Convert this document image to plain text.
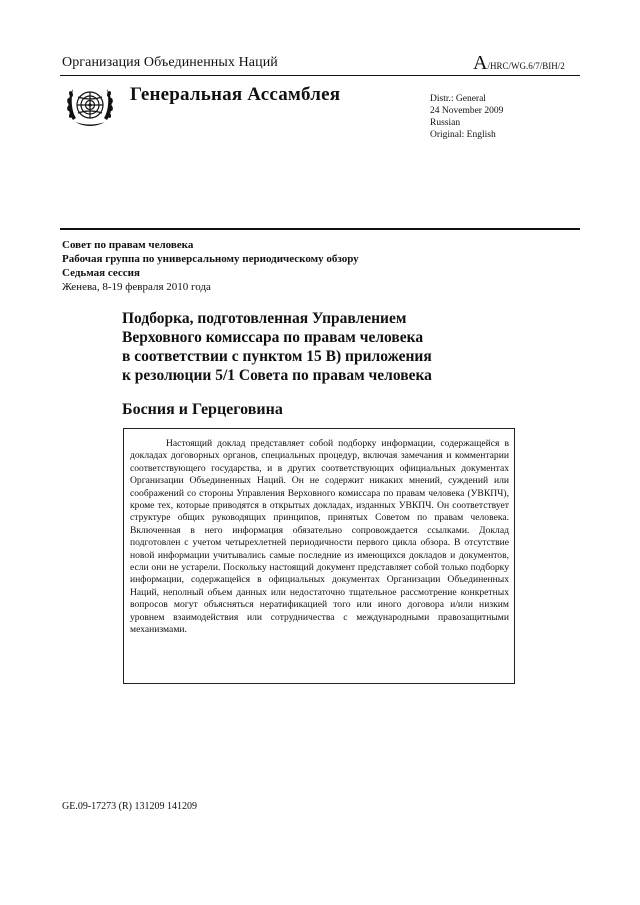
Организация Объединенных Наций	A/HRC/WG.6/7/BIH/2
Генеральная Ассамблея	Distr.: General
24 November 2009
Russian
Original: English
Совет по правам человека
Рабочая группа по универсальному периодическому обзору
Седьмая сессия
Женева, 8-19 февраля 2010 года
Подборка, подготовленная Управлением
Верховного комиссара по правам человека
в соответствии с пунктом 15 В) приложения
к резолюции 5/1 Совета по правам человека
Босния и Герцеговина

Настоящий доклад представляет собой подборку информации, содержащейся в докладах договорных органов, специальных процедур, включая замечания и комментарии соответствующего государства, и в других соответствующих официальных документах Организации Объединенных Наций. Он не содержит никаких мнений, суждений или соображений со стороны Управления Верховного комиссара по правам человека (УВКПЧ), кроме тех, которые приводятся в открытых докладах, изданных УВКПЧ. Он соответствует структуре общих руководящих принципов, принятых Советом по правам человека. Включенная в него информация обязательно сопровождается ссылками. Доклад подготовлен с учетом четырехлетней периодичности первого цикла обзора. В отсутствие новой информации учитывались самые последние из имеющихся докладов и документов, если они не устарели. Поскольку настоящий документ представляет собой только подборку информации, содержащейся в официальных документах Организации Объединенных Наций, неполный объем данных или недостаточно тщательное рассмотрение конкретных вопросов могут объясняться нератификацией того или иного договора и/или низким уровнем взаимодействия или сотрудничества с международными правозащитными механизмами.

GE.09-17273 (R) 131209 141209
